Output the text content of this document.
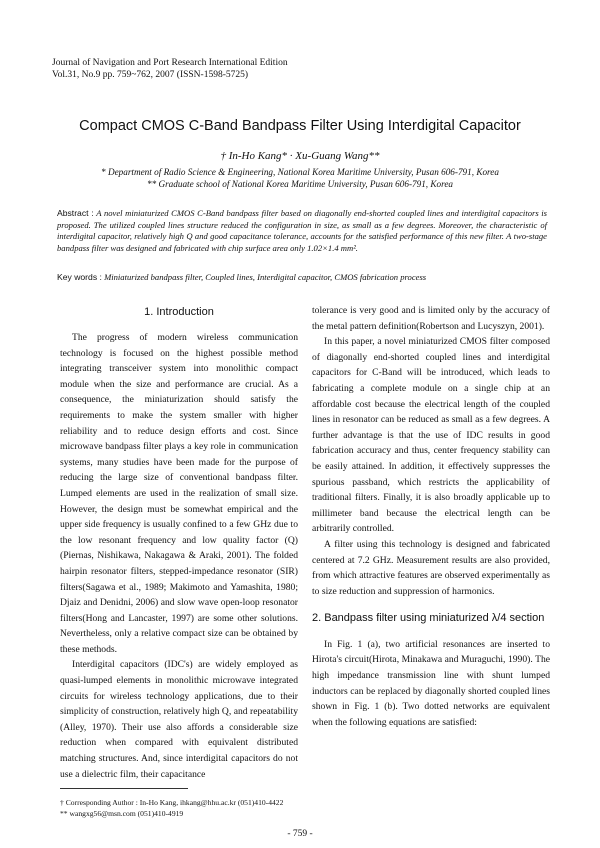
Journal of Navigation and Port Research International Edition
Vol.31, No.9 pp. 759~762, 2007 (ISSN-1598-5725)
Compact CMOS C-Band Bandpass Filter Using Interdigital Capacitor
† In-Ho Kang* · Xu-Guang Wang**
* Department of Radio Science & Engineering, National Korea Maritime University, Pusan 606-791, Korea
** Graduate school of National Korea Maritime University, Pusan 606-791, Korea
Abstract : A novel miniaturized CMOS C-Band bandpass filter based on diagonally end-shorted coupled lines and interdigital capacitors is proposed. The utilized coupled lines structure reduced the configuration in size, as small as a few degrees. Moreover, the characteristic of interdigital capacitor, relatively high Q and good capacitance tolerance, accounts for the satisfied performance of this new filter. A two-stage bandpass filter was designed and fabricated with chip surface area only 1.02×1.4 mm².
Key words : Miniaturized bandpass filter, Coupled lines, Interdigital capacitor, CMOS fabrication process
1. Introduction

The progress of modern wireless communication technology is focused on the highest possible method integrating transceiver system into monolithic compact module when the size and performance are crucial. As a consequence, the miniaturization should satisfy the requirements to make the system smaller with higher reliability and to reduce design efforts and cost. Since microwave bandpass filter plays a key role in communication systems, many studies have been made for the purpose of reducing the large size of conventional bandpass filter. Lumped elements are used in the realization of small size. However, the design must be somewhat empirical and the upper side frequency is usually confined to a few GHz due to the low resonant frequency and low quality factor (Q)(Piernas, Nishikawa, Nakagawa & Araki, 2001). The folded hairpin resonator filters, stepped-impedance resonator (SIR) filters(Sagawa et al., 1989; Makimoto and Yamashita, 1980; Djaiz and Denidni, 2006) and slow wave open-loop resonator filters(Hong and Lancaster, 1997) are some other solutions. Nevertheless, only a relative compact size can be obtained by these methods.

Interdigital capacitors (IDC's) are widely employed as quasi-lumped elements in monolithic microwave integrated circuits for wireless technology applications, due to their simplicity of construction, relatively high Q, and repeatability (Alley, 1970). Their use also affords a considerable size reduction when compared with equivalent distributed matching structures. And, since interdigital capacitors do not use a dielectric film, their capacitance

tolerance is very good and is limited only by the accuracy of the metal pattern definition(Robertson and Lucyszyn, 2001).

In this paper, a novel miniaturized CMOS filter composed of diagonally end-shorted coupled lines and interdigital capacitors for C-Band will be introduced, which leads to fabricating a complete module on a single chip at an affordable cost because the electrical length of the coupled lines in resonator can be reduced as small as a few degrees. A further advantage is that the use of IDC results in good fabrication accuracy and thus, center frequency stability can be easily attained. In addition, it effectively suppresses the spurious passband, which restricts the applicability of traditional filters. Finally, it is also broadly applicable up to millimeter band because the electrical length can be arbitrarily controlled.

A filter using this technology is designed and fabricated centered at 7.2 GHz. Measurement results are also provided, from which attractive features are observed experimentally as to size reduction and suppression of harmonics.

2. Bandpass filter using miniaturized λ/4 section

In Fig. 1 (a), two artificial resonances are inserted to Hirota's circuit(Hirota, Minakawa and Muraguchi, 1990). The high impedance transmission line with shunt lumped inductors can be replaced by diagonally shorted coupled lines shown in Fig. 1 (b). Two dotted networks are equivalent when the following equations are satisfied:

† Corresponding Author : In-Ho Kang, ihkang@hhu.ac.kr (051)410-4422
** wangxg56@msn.com (051)410-4919
- 759 -
